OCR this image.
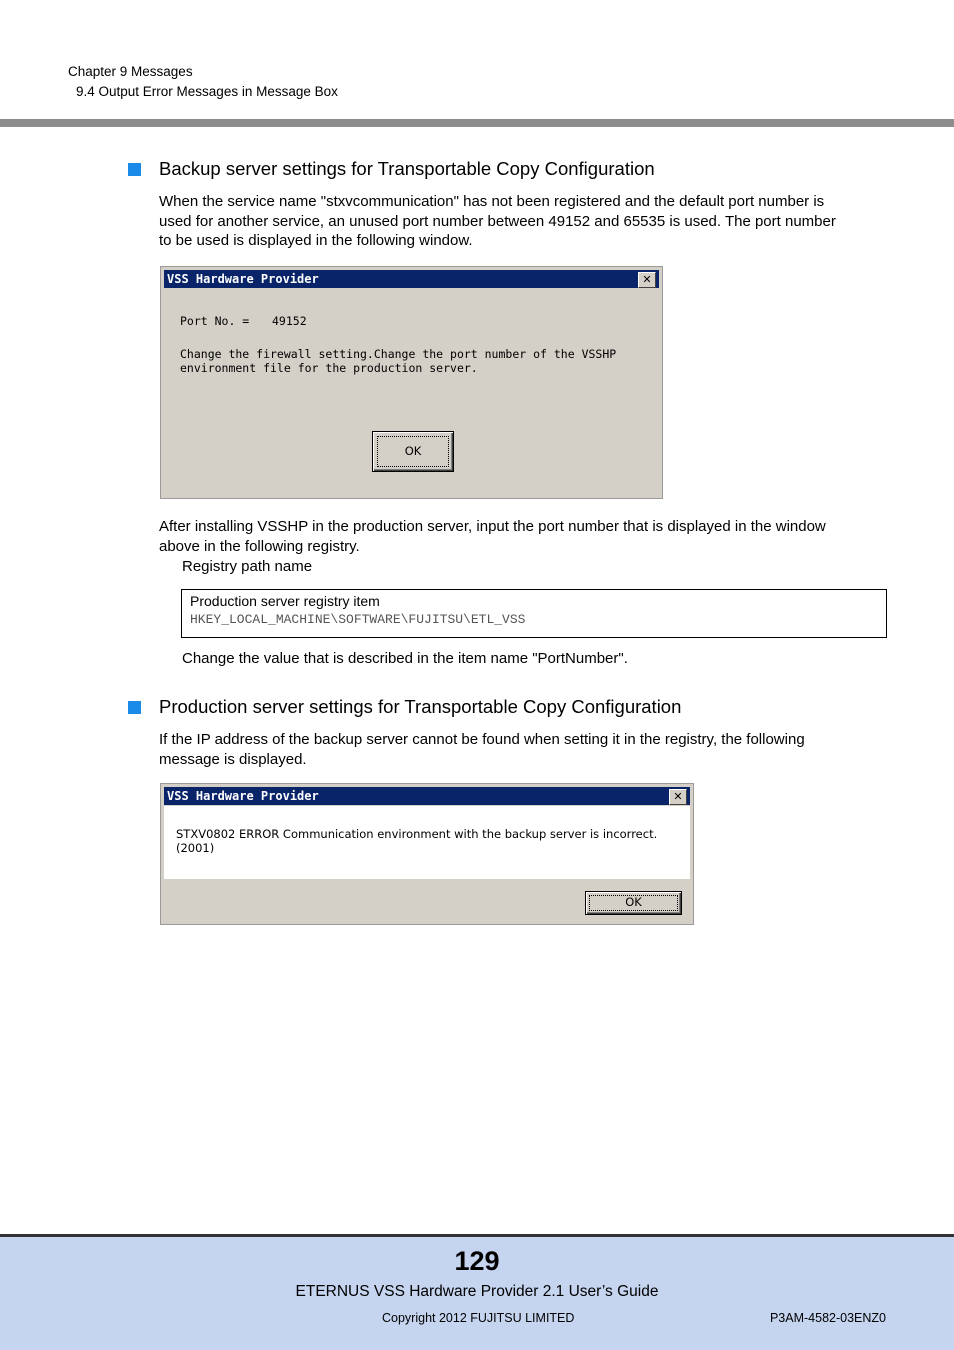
Chapter 9 Messages
9.4 Output Error Messages in Message Box
Backup server settings for Transportable Copy Configuration
When the service name "stxvcommunication" has not been registered and the default port number is
used for another service, an unused port number between 49152 and 65535 is used. The port number
to be used is displayed in the following window.
VSS Hardware Provider	✕
Port No. = 49152
Change the firewall setting.Change the port number of the VSSHP
environment file for the production server.
OK
After installing VSSHP in the production server, input the port number that is displayed in the window
above in the following registry.
Registry path name
Production server registry item
HKEY_LOCAL_MACHINE\SOFTWARE\FUJITSU\ETL_VSS
Change the value that is described in the item name "PortNumber".
Production server settings for Transportable Copy Configuration
If the IP address of the backup server cannot be found when setting it in the registry, the following
message is displayed.
VSS Hardware Provider	✕
STXV0802 ERROR Communication environment with the backup server is incorrect.
(2001)
OK
129
ETERNUS VSS Hardware Provider 2.1 User’s Guide
Copyright 2012 FUJITSU LIMITED	P3AM-4582-03ENZ0
